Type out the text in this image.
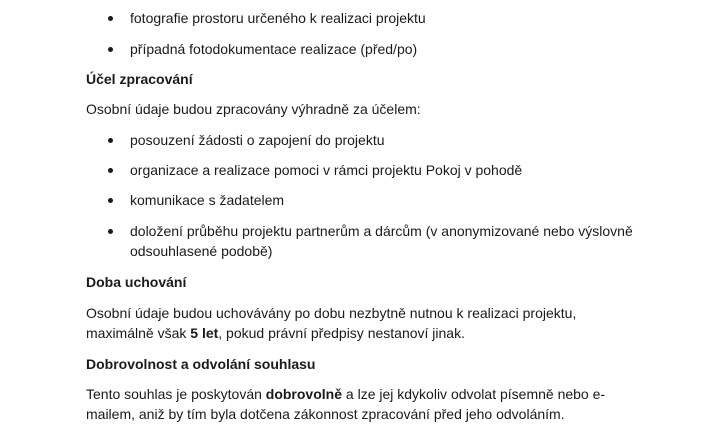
fotografie prostoru určeného k realizaci projektu
případná fotodokumentace realizace (před/po)
Účel zpracování
Osobní údaje budou zpracovány výhradně za účelem:
posouzení žádosti o zapojení do projektu
organizace a realizace pomoci v rámci projektu Pokoj v pohodě
komunikace s žadatelem
doložení průběhu projektu partnerům a dárcům (v anonymizované nebo výslovně
odsouhlasené podobě)
Doba uchování
Osobní údaje budou uchovávány po dobu nezbytně nutnou k realizaci projektu,
maximálně však 5 let, pokud právní předpisy nestanoví jinak.
Dobrovolnost a odvolání souhlasu
Tento souhlas je poskytován dobrovolně a lze jej kdykoliv odvolat písemně nebo e-
mailem, aniž by tím byla dotčena zákonnost zpracování před jeho odvoláním.
